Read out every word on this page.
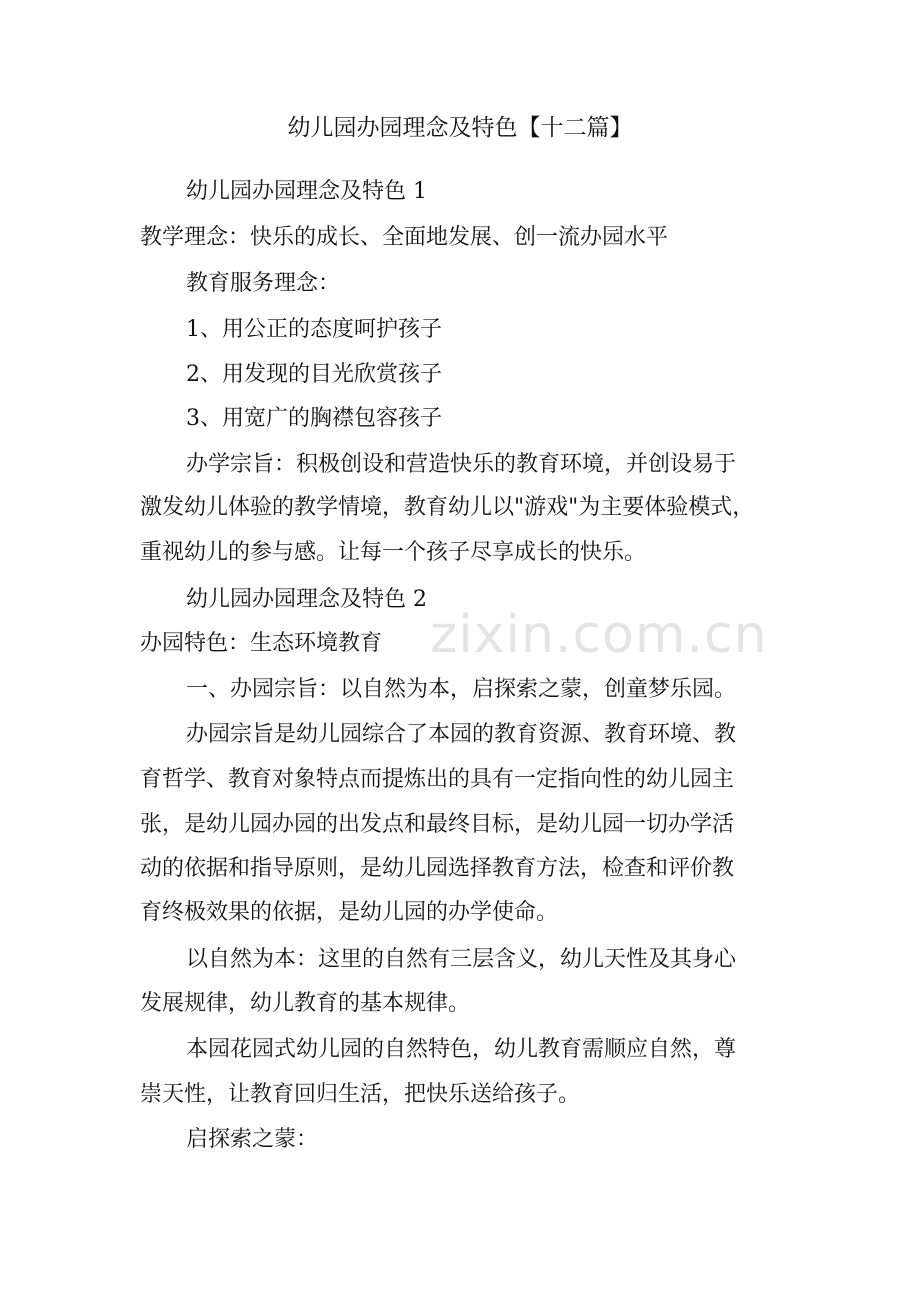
幼儿园办园理念及特色【十二篇】
幼儿园办园理念及特色 1
教学理念：快乐的成长、全面地发展、创一流办园水平
教育服务理念：
1、用公正的态度呵护孩子
2、用发现的目光欣赏孩子
3、用宽广的胸襟包容孩子
办学宗旨：积极创设和营造快乐的教育环境，并创设易于
激发幼儿体验的教学情境，教育幼儿以"游戏"为主要体验模式，
重视幼儿的参与感。让每一个孩子尽享成长的快乐。
幼儿园办园理念及特色 2
办园特色：生态环境教育
一、办园宗旨：以自然为本，启探索之蒙，创童梦乐园。
办园宗旨是幼儿园综合了本园的教育资源、教育环境、教
育哲学、教育对象特点而提炼出的具有一定指向性的幼儿园主
张，是幼儿园办园的出发点和最终目标，是幼儿园一切办学活
动的依据和指导原则，是幼儿园选择教育方法，检查和评价教
育终极效果的依据，是幼儿园的办学使命。
以自然为本：这里的自然有三层含义，幼儿天性及其身心
发展规律，幼儿教育的基本规律。
本园花园式幼儿园的自然特色，幼儿教育需顺应自然，尊
崇天性，让教育回归生活，把快乐送给孩子。
启探索之蒙：
zixin.com.cn
